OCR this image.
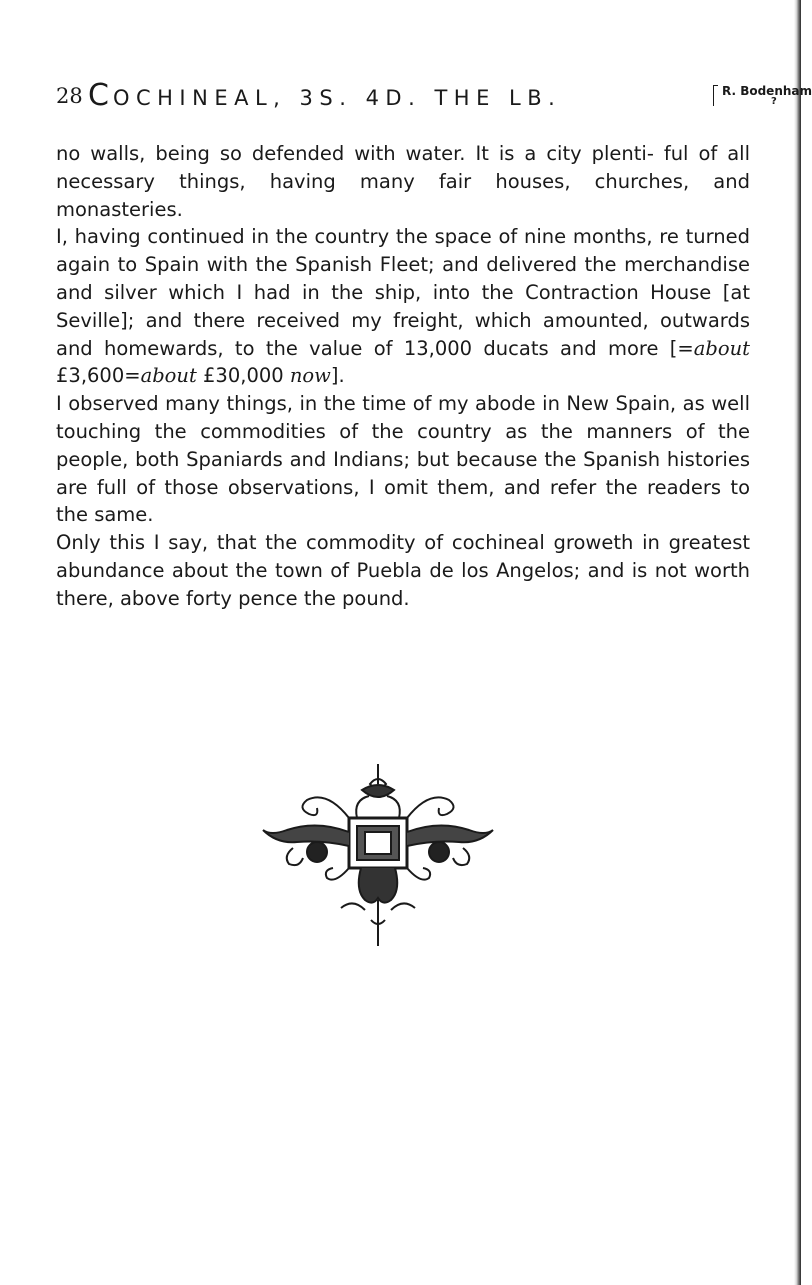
28 COCHINEAL, 3S. 4D. THE LB.	R. Bodenham
?

no walls, being so defended with water. It is a city plenti- ful of all necessary things, having many fair houses, churches, and monasteries.

I, having continued in the country the space of nine months, re turned again to Spain with the Spanish Fleet; and delivered the merchandise and silver which I had in the ship, into the Contraction House [at Seville]; and there received my freight, which amounted, outwards and homewards, to the value of 13,000 ducats and more [=about £3,600=about £30,000 now].

I observed many things, in the time of my abode in New Spain, as well touching the commodities of the country as the manners of the people, both Spaniards and Indians; but because the Spanish histories are full of those observations, I omit them, and refer the readers to the same.

Only this I say, that the commodity of cochineal groweth in greatest abundance about the town of Puebla de los Angelos; and is not worth there, above forty pence the pound.
